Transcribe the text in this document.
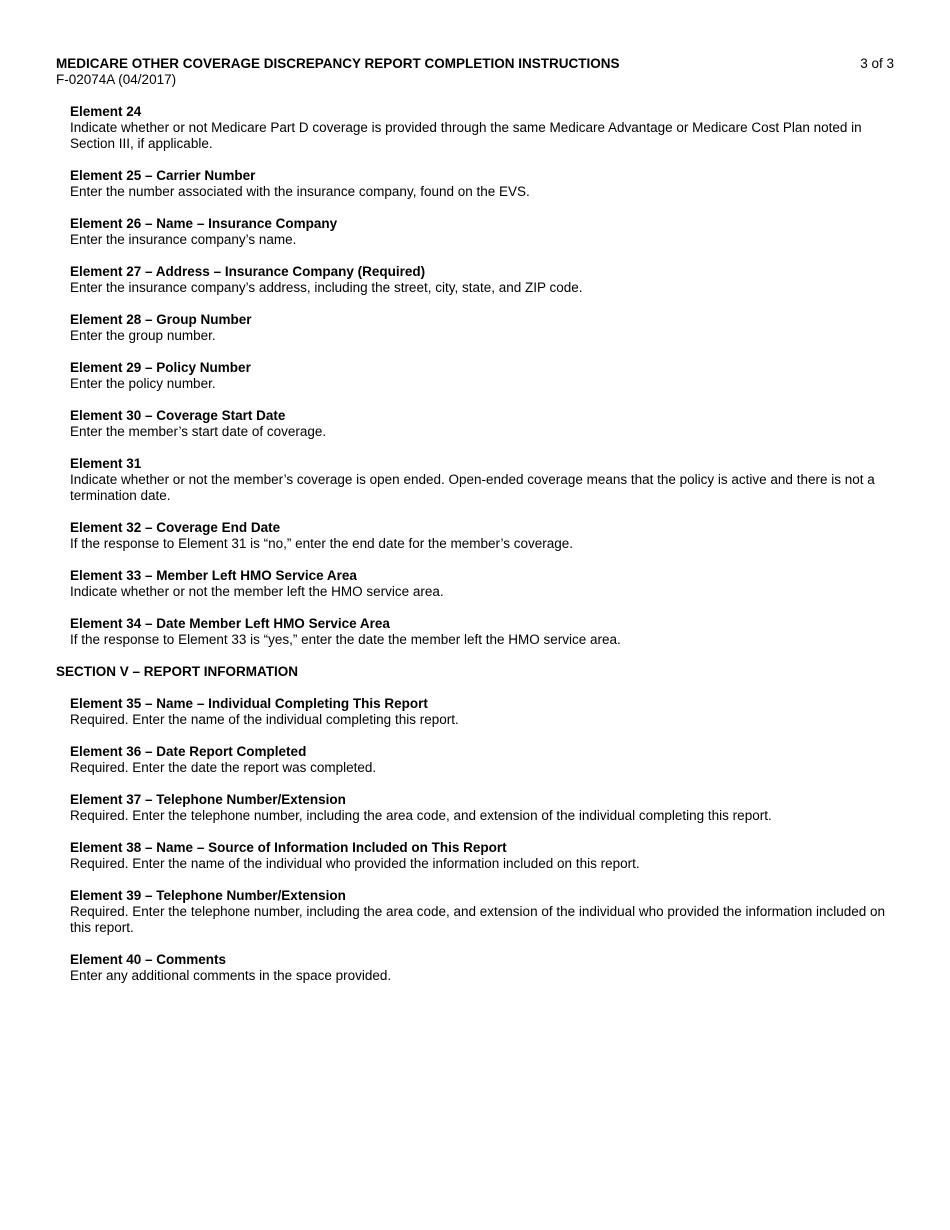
MEDICARE OTHER COVERAGE DISCREPANCY REPORT COMPLETION INSTRUCTIONS	3 of 3
F-02074A (04/2017)
Element 24
Indicate whether or not Medicare Part D coverage is provided through the same Medicare Advantage or Medicare Cost Plan noted in Section III, if applicable.
Element 25 – Carrier Number
Enter the number associated with the insurance company, found on the EVS.
Element 26 – Name – Insurance Company
Enter the insurance company’s name.
Element 27 – Address – Insurance Company (Required)
Enter the insurance company’s address, including the street, city, state, and ZIP code.
Element 28 – Group Number
Enter the group number.
Element 29 – Policy Number
Enter the policy number.
Element 30 – Coverage Start Date
Enter the member’s start date of coverage.
Element 31
Indicate whether or not the member’s coverage is open ended. Open-ended coverage means that the policy is active and there is not a termination date.
Element 32 – Coverage End Date
If the response to Element 31 is “no,” enter the end date for the member’s coverage.
Element 33 – Member Left HMO Service Area
Indicate whether or not the member left the HMO service area.
Element 34 – Date Member Left HMO Service Area
If the response to Element 33 is “yes,” enter the date the member left the HMO service area.
SECTION V – REPORT INFORMATION
Element 35 – Name – Individual Completing This Report
Required. Enter the name of the individual completing this report.
Element 36 – Date Report Completed
Required. Enter the date the report was completed.
Element 37 – Telephone Number/Extension
Required. Enter the telephone number, including the area code, and extension of the individual completing this report.
Element 38 – Name – Source of Information Included on This Report
Required. Enter the name of the individual who provided the information included on this report.
Element 39 – Telephone Number/Extension
Required. Enter the telephone number, including the area code, and extension of the individual who provided the information included on this report.
Element 40 – Comments
Enter any additional comments in the space provided.
